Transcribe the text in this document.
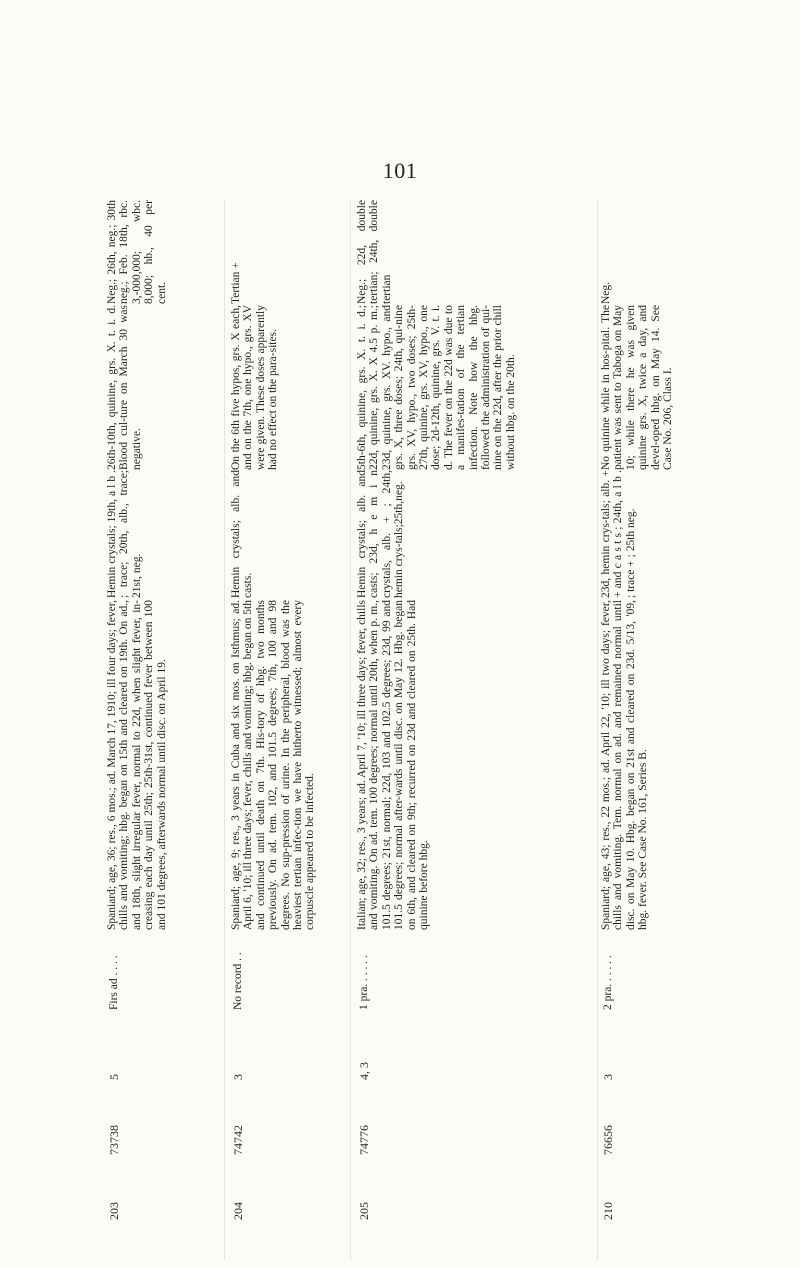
101
203
73738
5
Firs ad . . . .
Spaniard; age, 36; res., 6 mos.; ad. March 17, 1910; ill four days; fever, chills and vomiting; hbg. began on 15th and cleared on 19th. On ad., and 18th, slight irregular fever, normal to 22d, when slight fever, in-creasing each day until 25th; 25th-31st, continued fever between 100 and 101 degrees, afterwards normal until disc. on April 19.
Hemin crystals; 19th, a l b . ; trace; 20th, alb., trace; 21st, neg.
26th-10th, quinine, grs. X. t. i. d. Blood cul-ture on March 30 was negative.
Neg.; 26th, neg.; 30th neg.; Feb. 18th, rbc. 3,-000,000; wbc. 8,000; hb., 40 per cent.
204
74742
3
No record . .
Spaniard; age, 9; res., 3 years in Cuba and six mos. on Isthmus; ad. April 6, '10; ill three days; fever, chills and vomiting; hbg. began on 5th and continued until death on 7th. His-tory of hbg. two months previously. On ad. tem. 102, and 101.5 degrees; 7th, 100 and 98 degrees. No sup-pression of urine. In the peripheral, blood was the heaviest tertian infec-tion we have hitherto witnessed; almost every corpuscle appeared to be infected.
Hemin crystals; alb. and casts.
On the 6th five hypos, grs. X each, and on the 7th, one hypo., grs. XV were given. These doses apparently had no effect on the para-sites.
Tertian +
205
74776
4, 3
1 pra. . . . . .
Italian; age, 32; res., 3 years; ad. April 7, '10; ill three days; fever, chills and vomiting. On ad. tem. 100 degrees; normal until 20th, when p. m., 101.5 degrees; 21st, normal; 22d, 103 and 102.5 degrees; 23d, 99 and 101.5 degrees; normal after-wards until disc. on May 12. Hbg. began on 6th, and cleared on 9th; recurred on 23d and cleared on 25th. Had quinine before hbg.
Hemin crystals; alb. and casts; 23d, h e m i n crystals, alb. + ; 24th, hemin crys-tals;25th,neg.
5th-6th, quinine, grs. X. t. i. d.; 22d, quinine, grs. X. X 4.5 p. m.; 23d, quinine, grs. XV. hypo., and grs. X, three doses; 24th, qui-nine grs. XV, hypo., two doses; 25th-27th, quinine, grs. XV, hypo., one dose; 2d-12th, quinine, grs. V. t. i. d. The fever on the 22d was due to a manifes-tation of the tertian infection. Note how the hbg. followed the administration of qui-nine on the 22d, after the prior chill without hbg. on the 20th.
Neg.; 22d, double tertian; 24th, double tertian
210
76656
3
2 pra. . . . . .
Spaniard; age, 43; res., 22 mos.; ad. April 22, '10; ill two days; fever, chills and vomiting. Tem. normal on ad. and remained normal until disc. on May 10. Hbg. began on 21st and cleared on 23d. 5/13, '09, hbg. fever. See Case No. 161, Series B.
23d, hemin crys-tals; alb. + + and c a s t s ; 24th, a l b . ; trace + ; 25th neg.
No quinine while in hos-pital. The patient was sent to Taboga on May 10; while there he was given quinine grs. X, twice a day, and devel-oped hbg. on May 14. See Case No. 206, Class I.
Neg.
